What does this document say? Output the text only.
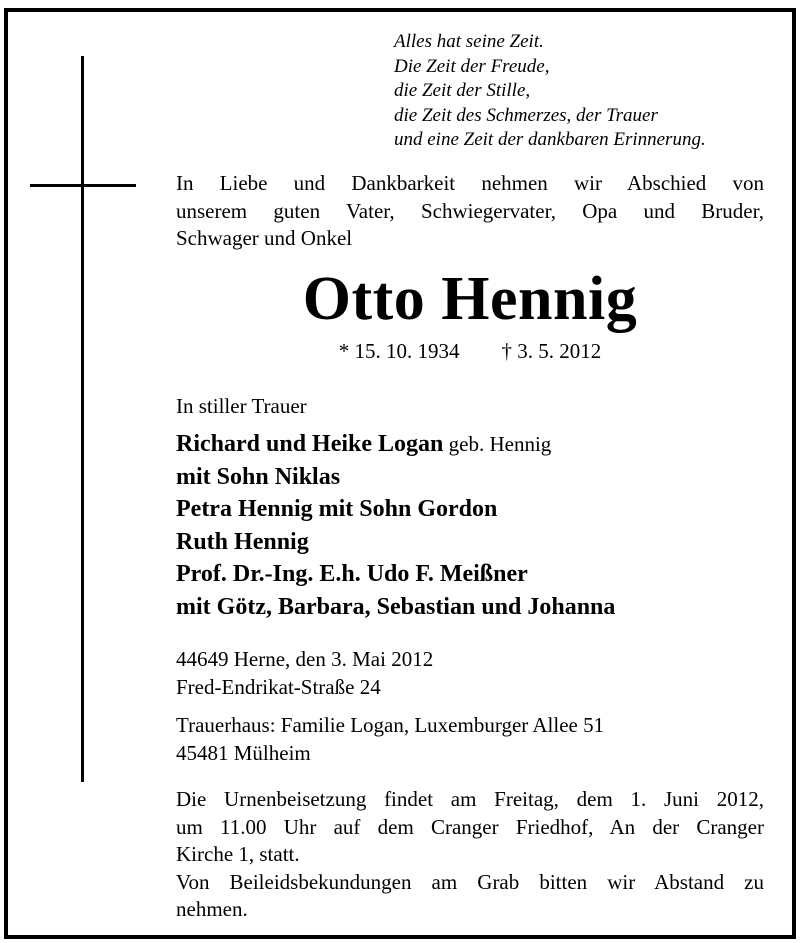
Alles hat seine Zeit.
Die Zeit der Freude,
die Zeit der Stille,
die Zeit des Schmerzes, der Trauer
und eine Zeit der dankbaren Erinnerung.
In Liebe und Dankbarkeit nehmen wir Abschied von
unserem guten Vater, Schwiegervater, Opa und Bruder,
Schwager und Onkel
Otto Hennig
* 15. 10. 1934 † 3. 5. 2012
In stiller Trauer
Richard und Heike Logan geb. Hennig
mit Sohn Niklas
Petra Hennig mit Sohn Gordon
Ruth Hennig
Prof. Dr.-Ing. E.h. Udo F. Meißner
mit Götz, Barbara, Sebastian und Johanna
44649 Herne, den 3. Mai 2012
Fred-Endrikat-Straße 24
Trauerhaus: Familie Logan, Luxemburger Allee 51
45481 Mülheim
Die Urnenbeisetzung findet am Freitag, dem 1. Juni 2012,
um 11.00 Uhr auf dem Cranger Friedhof, An der Cranger
Kirche 1, statt.
Von Beileidsbekundungen am Grab bitten wir Abstand zu
nehmen.
